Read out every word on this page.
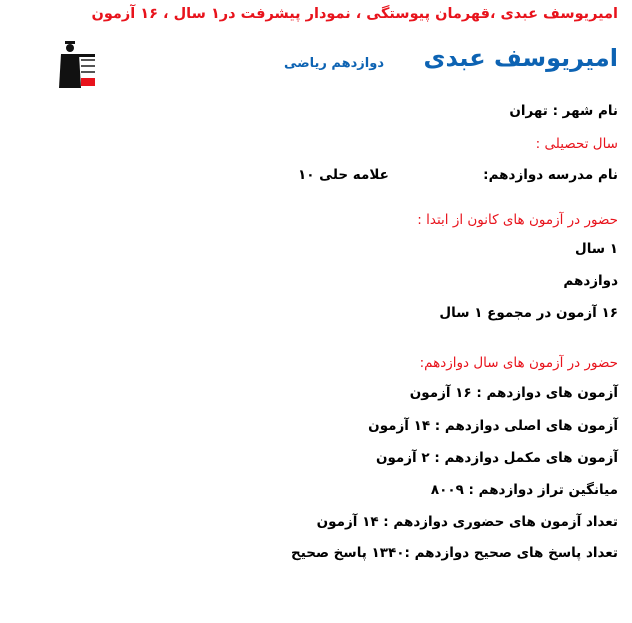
امیریوسف عبدی ،قهرمان پیوستگی ، نمودار پیشرفت در۱ سال ، ۱۶ آزمون
امیریوسف عبدی
دوازدهم ریاضی
نام شهر : تهران
سال تحصیلی :
نام مدرسه دوازدهم:
علامه حلی ۱۰
حضور در آزمون های کانون از ابتدا :
۱ سال
دوازدهم
۱۶ آزمون در مجموع ۱ سال
حضور در آزمون های سال دوازدهم:
آزمون های دوازدهم : ۱۶ آزمون
آزمون های اصلی دوازدهم : ۱۴ آزمون
آزمون های مکمل دوازدهم : ۲ آزمون
میانگین تراز دوازدهم : ۸۰۰۹
تعداد آزمون های حضوری دوازدهم : ۱۴ آزمون
تعداد پاسخ های صحیح دوازدهم :۱۳۴۰ پاسخ صحیح
